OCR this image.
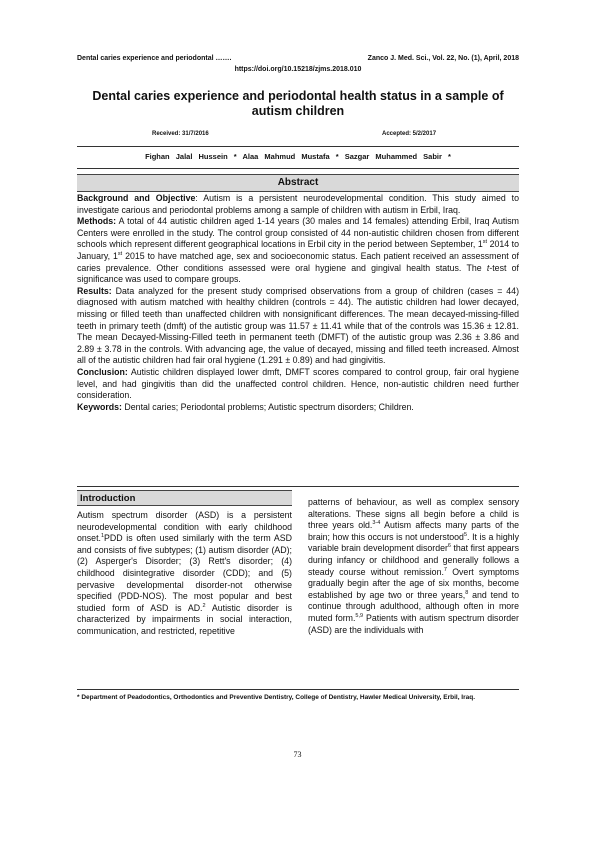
Dental caries experience and periodontal …….	Zanco J. Med. Sci., Vol. 22, No. (1), April, 2018
https://doi.org/10.15218/zjms.2018.010
Dental caries experience and periodontal health status in a sample of autism children
Received: 31/7/2016	Accepted: 5/2/2017
Fighan Jalal Hussein * Alaa Mahmud Mustafa * Sazgar Muhammed Sabir *
Abstract

Background and Objective: Autism is a persistent neurodevelopmental condition. This study aimed to investigate carious and periodontal problems among a sample of children with autism in Erbil, Iraq.

Methods: A total of 44 autistic children aged 1-14 years (30 males and 14 females) attending Erbil, Iraq Autism Centers were enrolled in the study. The control group consisted of 44 non-autistic children chosen from different schools which represent different geographical locations in Erbil city in the period between September, 1st 2014 to January, 1st 2015 to have matched age, sex and socioeconomic status. Each patient received an assessment of caries prevalence. Other conditions assessed were oral hygiene and gingival health status. The t-test of significance was used to compare groups.

Results: Data analyzed for the present study comprised observations from a group of children (cases = 44) diagnosed with autism matched with healthy children (controls = 44). The autistic children had lower decayed, missing or filled teeth than unaffected children with nonsignificant differences. The mean decayed-missing-filled teeth in primary teeth (dmft) of the autistic group was 11.57 ± 11.41 while that of the controls was 15.36 ± 12.81. The mean Decayed-Missing-Filled teeth in permanent teeth (DMFT) of the autistic group was 2.36 ± 3.86 and 2.89 ± 3.78 in the controls. With advancing age, the value of decayed, missing and filled teeth increased. Almost all of the autistic children had fair oral hygiene (1.291 ± 0.89) and had gingivitis.

Conclusion: Autistic children displayed lower dmft, DMFT scores compared to control group, fair oral hygiene level, and had gingivitis than did the unaffected control children. Hence, non-autistic children need further consideration.

Keywords: Dental caries; Periodontal problems; Autistic spectrum disorders; Children.

Introduction
Autism spectrum disorder (ASD) is a persistent neurodevelopmental condition with early childhood onset.$^1$PDD is often used similarly with the term ASD and consists of five subtypes; (1) autism disorder (AD); (2) Asperger's Disorder; (3) Rett's disorder; (4) childhood disintegrative disorder (CDD); and (5) pervasive developmental disorder-not otherwise specified (PDD-NOS). The most popular and best studied form of ASD is AD.$^2$ Autistic disorder is characterized by impairments in social interaction, communication, and restricted, repetitive
patterns of behaviour, as well as complex sensory alterations. These signs all begin before a child is three years old.$^{3-4}$ Autism affects many parts of the brain; how this occurs is not understood$^5$. It is a highly variable brain development disorder$^6$ that first appears during infancy or childhood and generally follows a steady course without remission.$^7$ Overt symptoms gradually begin after the age of six months, become established by age two or three years,$^8$ and tend to continue through adulthood, although often in more muted form.$^{5,9}$ Patients with autism spectrum disorder (ASD) are the individuals with
* Department of Peadodontics, Orthodontics and Preventive Dentistry, College of Dentistry, Hawler Medical University, Erbil, Iraq.
73
